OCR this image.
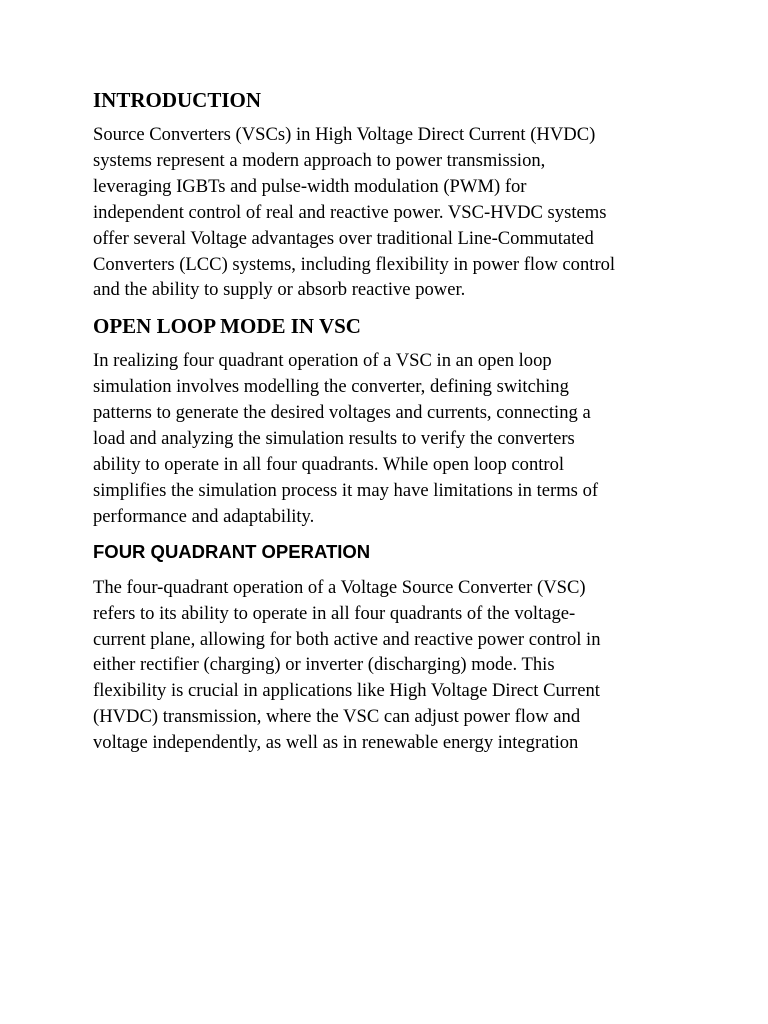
INTRODUCTION

Source Converters (VSCs) in High Voltage Direct Current (HVDC)
systems represent a modern approach to power transmission,
leveraging IGBTs and pulse-width modulation (PWM) for
independent control of real and reactive power. VSC-HVDC systems
offer several Voltage advantages over traditional Line-Commutated
Converters (LCC) systems, including flexibility in power flow control
and the ability to supply or absorb reactive power.

OPEN LOOP MODE IN VSC

In realizing four quadrant operation of a VSC in an open loop
simulation involves modelling the converter, defining switching
patterns to generate the desired voltages and currents, connecting a
load and analyzing the simulation results to verify the converters
ability to operate in all four quadrants. While open loop control
simplifies the simulation process it may have limitations in terms of
performance and adaptability.

FOUR QUADRANT OPERATION

The four-quadrant operation of a Voltage Source Converter (VSC)
refers to its ability to operate in all four quadrants of the voltage-
current plane, allowing for both active and reactive power control in
either rectifier (charging) or inverter (discharging) mode. This
flexibility is crucial in applications like High Voltage Direct Current
(HVDC) transmission, where the VSC can adjust power flow and
voltage independently, as well as in renewable energy integration
